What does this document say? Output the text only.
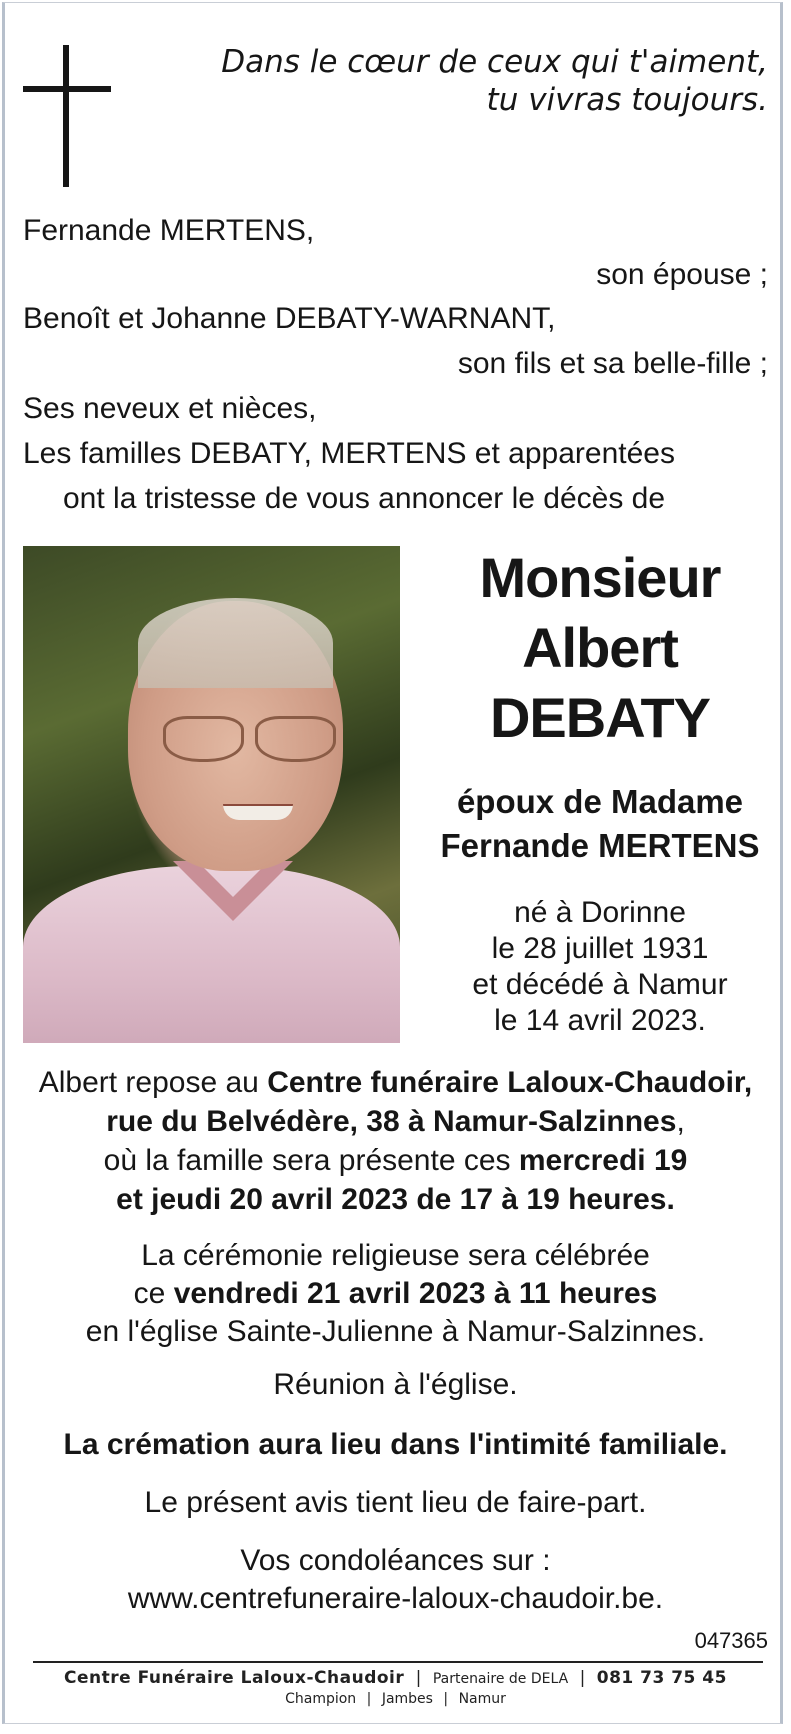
Dans le cœur de ceux qui t'aiment,
tu vivras toujours.
Fernande MERTENS,
son épouse ;
Benoît et Johanne DEBATY-WARNANT,
son fils et sa belle-fille ;
Ses neveux et nièces,
Les familles DEBATY, MERTENS et apparentées
ont la tristesse de vous annoncer le décès de
Monsieur
Albert
DEBATY
époux de Madame
Fernande MERTENS
né à Dorinne
le 28 juillet 1931
et décédé à Namur
le 14 avril 2023.
Albert repose au Centre funéraire Laloux-Chaudoir,
rue du Belvédère, 38 à Namur-Salzinnes,
où la famille sera présente ces mercredi 19
et jeudi 20 avril 2023 de 17 à 19 heures.
La cérémonie religieuse sera célébrée
ce vendredi 21 avril 2023 à 11 heures
en l'église Sainte-Julienne à Namur-Salzinnes.
Réunion à l'église.
La crémation aura lieu dans l'intimité familiale.
Le présent avis tient lieu de faire-part.
Vos condoléances sur :
www.centrefuneraire-laloux-chaudoir.be.
047365
Centre Funéraire Laloux-Chaudoir | Partenaire de DELA | 081 73 75 45
Champion | Jambes | Namur
